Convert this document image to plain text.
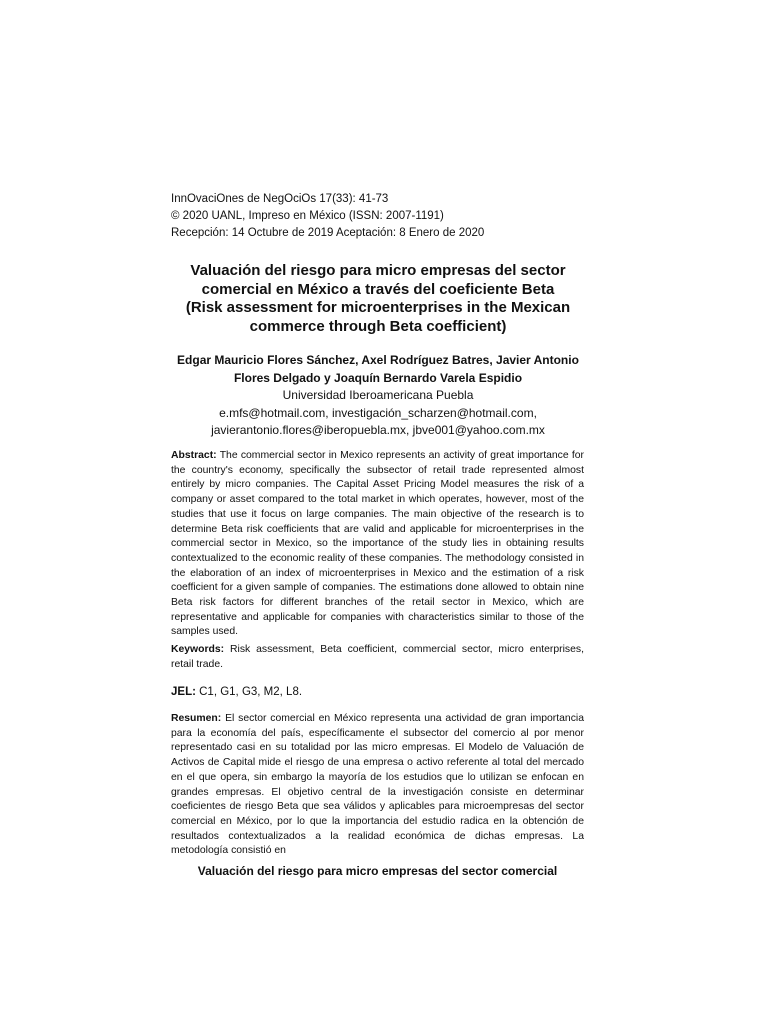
InnOvaciOnes de NegOciOs 17(33): 41-73
© 2020 UANL, Impreso en México (ISSN: 2007-1191)
Recepción: 14 Octubre de 2019 Aceptación: 8 Enero de 2020
Valuación del riesgo para micro empresas del sector
comercial en México a través del coeficiente Beta
(Risk assessment for microenterprises in the Mexican
commerce through Beta coefficient)
Edgar Mauricio Flores Sánchez, Axel Rodríguez Batres, Javier Antonio
Flores Delgado y Joaquín Bernardo Varela Espidio
Universidad Iberoamericana Puebla
e.mfs@hotmail.com, investigación_scharzen@hotmail.com,
javierantonio.flores@iberopuebla.mx, jbve001@yahoo.com.mx
Abstract: The commercial sector in Mexico represents an activity of great importance for the country's economy, specifically the subsector of retail trade represented almost entirely by micro companies. The Capital Asset Pricing Model measures the risk of a company or asset compared to the total market in which operates, however, most of the studies that use it focus on large companies. The main objective of the research is to determine Beta risk coefficients that are valid and applicable for microenterprises in the commercial sector in Mexico, so the importance of the study lies in obtaining results contextualized to the economic reality of these companies. The methodology consisted in the elaboration of an index of microenterprises in Mexico and the estimation of a risk coefficient for a given sample of companies. The estimations done allowed to obtain nine Beta risk factors for different branches of the retail sector in Mexico, which are representative and applicable for companies with characteristics similar to those of the samples used.
Keywords: Risk assessment, Beta coefficient, commercial sector, micro enterprises, retail trade.
JEL: C1, G1, G3, M2, L8.
Resumen: El sector comercial en México representa una actividad de gran importancia para la economía del país, específicamente el subsector del comercio al por menor representado casi en su totalidad por las micro empresas. El Modelo de Valuación de Activos de Capital mide el riesgo de una empresa o activo referente al total del mercado en el que opera, sin embargo la mayoría de los estudios que lo utilizan se enfocan en grandes empresas. El objetivo central de la investigación consiste en determinar coeficientes de riesgo Beta que sea válidos y aplicables para microempresas del sector comercial en México, por lo que la importancia del estudio radica en la obtención de resultados contextualizados a la realidad económica de dichas empresas. La metodología consistió en
Valuación del riesgo para micro empresas del sector comercial
